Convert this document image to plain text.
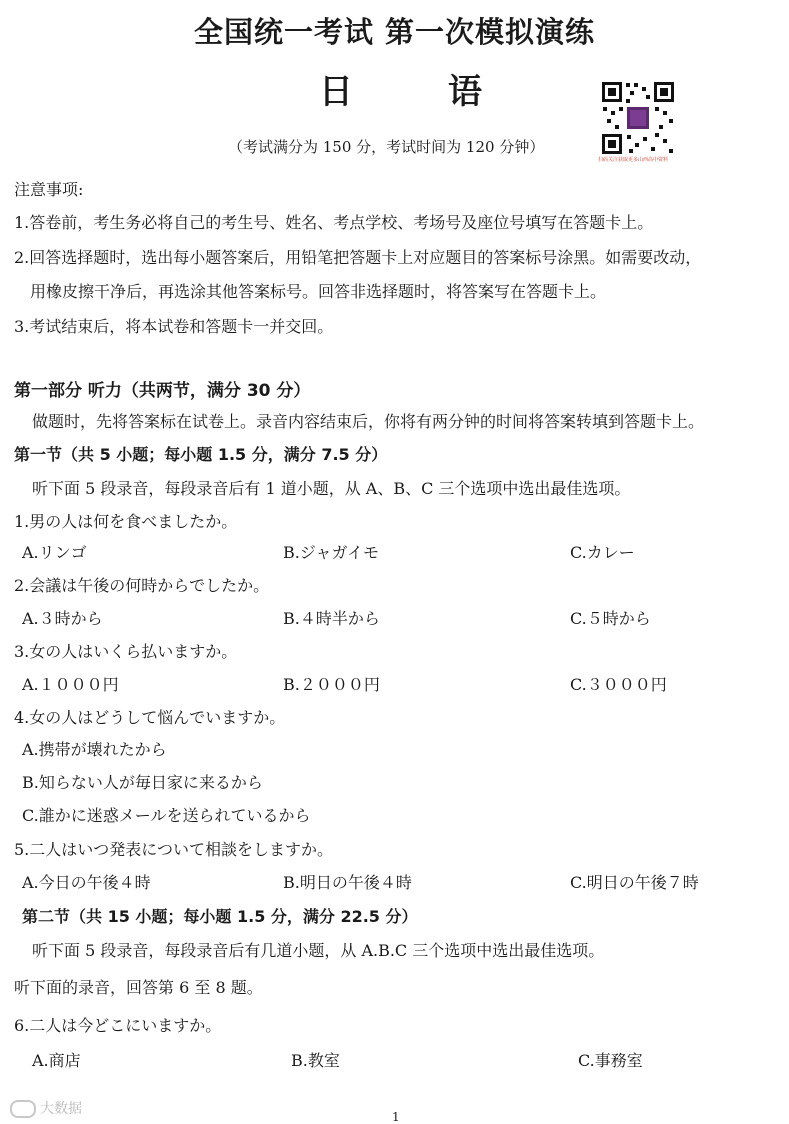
全国统一考试 第一次模拟演练
日	语
（考试满分为 150 分，考试时间为 120 分钟）
扫码关注获取更多山西高中资料
注意事项:
1.答卷前，考生务必将自己的考生号、姓名、考点学校、考场号及座位号填写在答题卡上。
2.回答选择题时，选出每小题答案后，用铅笔把答题卡上对应题目的答案标号涂黑。如需要改动，
用橡皮擦干净后，再选涂其他答案标号。回答非选择题时，将答案写在答题卡上。
3.考试结束后，将本试卷和答题卡一并交回。
第一部分 听力（共两节，满分 30 分）
做题时，先将答案标在试卷上。录音内容结束后，你将有两分钟的时间将答案转填到答题卡上。
第一节（共 5 小题；每小题 1.5 分，满分 7.5 分）
听下面 5 段录音，每段录音后有 1 道小题，从 A、B、C 三个选项中选出最佳选项。
1.男の人は何を食べましたか。
A.リンゴ	B.ジャガイモ	C.カレー
2.会議は午後の何時からでしたか。
A.３時から	B.４時半から	C.５時から
3.女の人はいくら払いますか。
A.１０００円	B.２０００円	C.３０００円
4.女の人はどうして悩んでいますか。
A.携帯が壊れたから
B.知らない人が毎日家に来るから
C.誰かに迷惑メールを送られているから
5.二人はいつ発表について相談をしますか。
A.今日の午後４時	B.明日の午後４時	C.明日の午後７時
第二节（共 15 小题；每小题 1.5 分，满分 22.5 分）
听下面 5 段录音，每段录音后有几道小题，从 A.B.C 三个选项中选出最佳选项。
听下面的录音，回答第 6 至 8 题。
6.二人は今どこにいますか。
A.商店	B.教室	C.事務室
大数据	1
